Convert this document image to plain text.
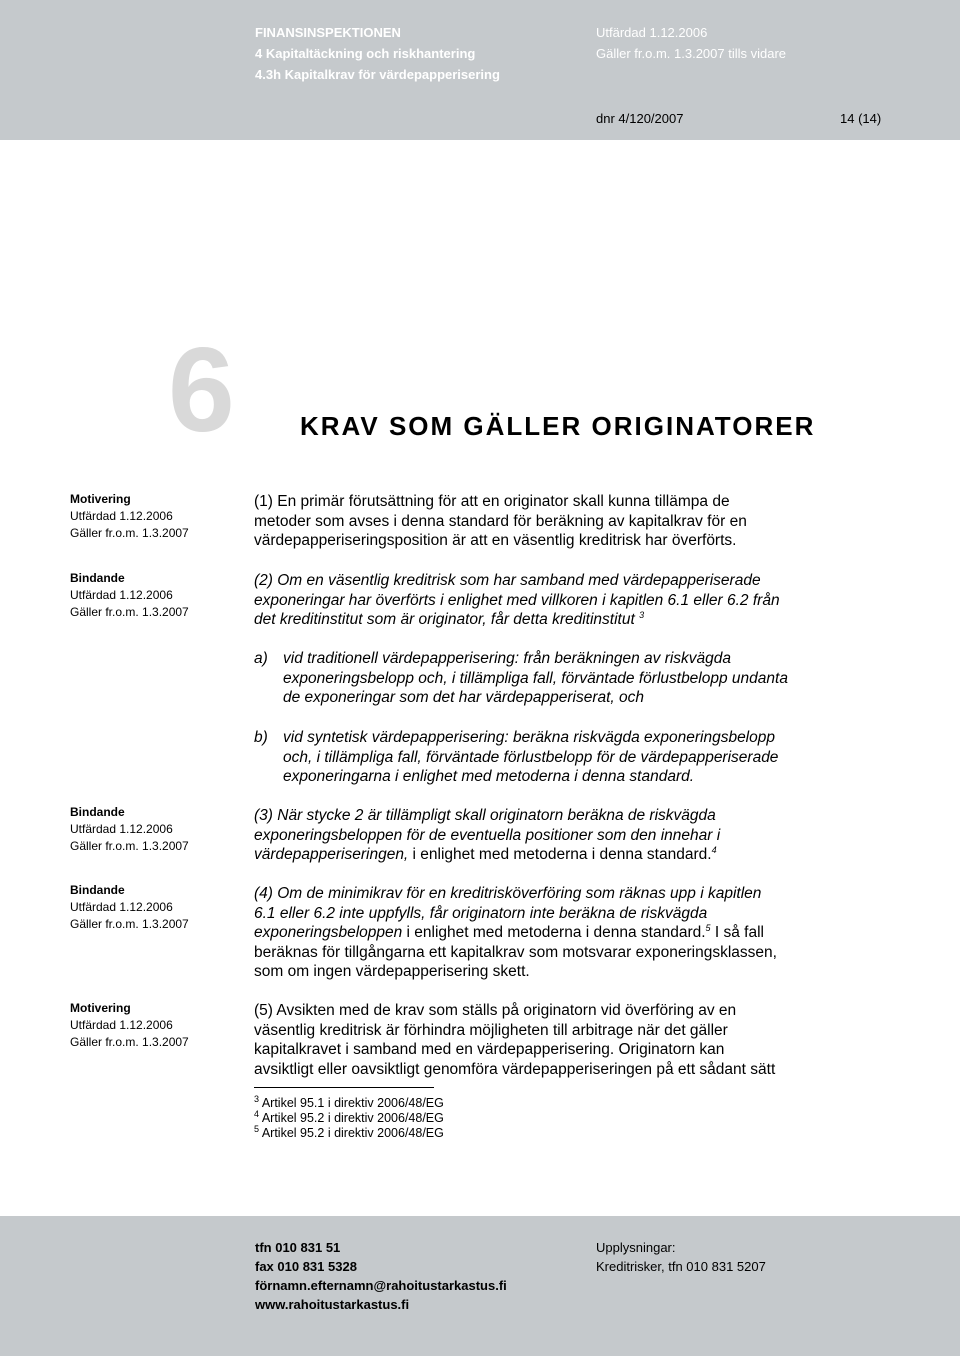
FINANSINSPEKTIONEN
4 Kapitaltäckning och riskhantering
4.3h Kapitalkrav för värdepapperisering
Utfärdad 1.12.2006
Gäller fr.o.m. 1.3.2007 tills vidare
dnr 4/120/2007	14 (14)
6	KRAV SOM GÄLLER ORIGINATORER
Motivering
Utfärdad 1.12.2006
Gäller fr.o.m. 1.3.2007
Bindande
Utfärdad 1.12.2006
Gäller fr.o.m. 1.3.2007
Bindande
Utfärdad 1.12.2006
Gäller fr.o.m. 1.3.2007
Bindande
Utfärdad 1.12.2006
Gäller fr.o.m. 1.3.2007
Motivering
Utfärdad 1.12.2006
Gäller fr.o.m. 1.3.2007
(1) En primär förutsättning för att en originator skall kunna tillämpa de
metoder som avses i denna standard för beräkning av kapitalkrav för en
värdepapperiseringsposition är att en väsentlig kreditrisk har överförts.
(2) Om en väsentlig kreditrisk som har samband med värdepapperiserade
exponeringar har överförts i enlighet med villkoren i kapitlen 6.1 eller 6.2 från
det kreditinstitut som är originator, får detta kreditinstitut $^3$
a) vid traditionell värdepapperisering: från beräkningen av riskvägda
exponeringsbelopp och, i tillämpliga fall, förväntade förlustbelopp undanta
de exponeringar som det har värdepapperiserat, och
b) vid syntetisk värdepapperisering: beräkna riskvägda exponeringsbelopp
och, i tillämpliga fall, förväntade förlustbelopp för de värdepapperiserade
exponeringarna i enlighet med metoderna i denna standard.
(3) När stycke 2 är tillämpligt skall originatorn beräkna de riskvägda
exponeringsbeloppen för de eventuella positioner som den innehar i
värdepapperiseringen, i enlighet med metoderna i denna standard.$^4$
(4) Om de minimikrav för en kreditrisköverföring som räknas upp i kapitlen
6.1 eller 6.2 inte uppfylls, får originatorn inte beräkna de riskvägda
exponeringsbeloppen i enlighet med metoderna i denna standard.$^5$ I så fall
beräknas för tillgångarna ett kapitalkrav som motsvarar exponeringsklassen,
som om ingen värdepapperisering skett.
(5) Avsikten med de krav som ställs på originatorn vid överföring av en
väsentlig kreditrisk är förhindra möjligheten till arbitrage när det gäller
kapitalkravet i samband med en värdepapperisering. Originatorn kan
avsiktligt eller oavsiktligt genomföra värdepapperiseringen på ett sådant sätt
$^3$ Artikel 95.1 i direktiv 2006/48/EG
$^4$ Artikel 95.2 i direktiv 2006/48/EG
$^5$ Artikel 95.2 i direktiv 2006/48/EG
tfn 010 831 51
fax 010 831 5328
förnamn.efternamn@rahoitustarkastus.fi
www.rahoitustarkastus.fi
Upplysningar:
Kreditrisker, tfn 010 831 5207
